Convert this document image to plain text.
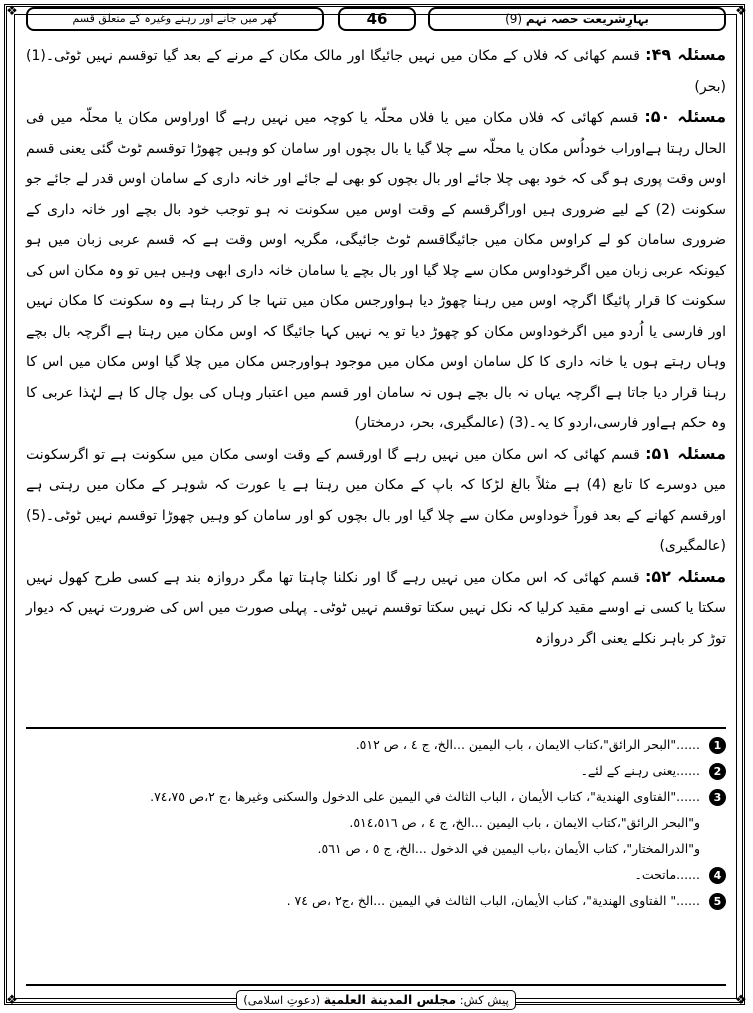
❖	❖
❖	❖
بہارِشریعت حصہ نہم (9)
46
گھر میں جانے اور رہنے وغیرہ کے متعلق قسم

مسئلہ ۴۹: قسم کھائی کہ فلاں کے مکان میں نہیں جائیگا اور مالک مکان کے مرنے کے بعد گیا توقسم نہیں ٹوٹی۔(1) (بحر)

مسئلہ ۵۰: قسم کھائی کہ فلاں مکان میں یا فلاں محلّہ یا کوچہ میں نہیں رہے گا اوراوس مکان یا محلّہ میں فی الحال رہتا ہےاوراب خوداُس مکان یا محلّہ سے چلا گیا یا بال بچوں اور سامان کو وہیں چھوڑا توقسم ٹوٹ گئی یعنی قسم اوس وقت پوری ہو گی کہ خود بھی چلا جائے اور بال بچوں کو بھی لے جائے اور خانہ داری کے سامان اوس قدر لے جائے جو سکونت (2) کے لیے ضروری ہیں اوراگرقسم کے وقت اوس میں سکونت نہ ہو توجب خود بال بچے اور خانہ داری کے ضروری سامان کو لے کراوس مکان میں جائیگاقسم ٹوٹ جائیگی، مگریہ اوس وقت ہے کہ قسم عربی زبان میں ہو کیونکہ عربی زبان میں اگرخوداوس مکان سے چلا گیا اور بال بچے یا سامان خانہ داری ابھی وہیں ہیں تو وہ مکان اس کی سکونت کا قرار پائیگا اگرچہ اوس میں رہنا چھوڑ دیا ہواورجس مکان میں تنہا جا کر رہتا ہے وہ سکونت کا مکان نہیں اور فارسی یا اُردو میں اگرخوداوس مکان کو چھوڑ دیا تو یہ نہیں کہا جائیگا کہ اوس مکان میں رہتا ہے اگرچہ بال بچے وہاں رہتے ہوں یا خانہ داری کا کل سامان اوس مکان میں موجود ہواورجس مکان میں چلا گیا اوس مکان میں اس کا رہنا قرار دیا جاتا ہے اگرچہ یہاں نہ بال بچے ہوں نہ سامان اور قسم میں اعتبار وہاں کی بول چال کا ہے لہٰذا عربی کا وہ حکم ہےاور فارسی،اردو کا یہ۔(3) (عالمگیری، بحر، درمختار)

مسئلہ ۵۱: قسم کھائی کہ اس مکان میں نہیں رہے گا اورقسم کے وقت اوسی مکان میں سکونت ہے تو اگرسکونت میں دوسرے کا تابع (4) ہے مثلاً بالغ لڑکا کہ باپ کے مکان میں رہتا ہے یا عورت کہ شوہر کے مکان میں رہتی ہے اورقسم کھانے کے بعد فوراً خوداوس مکان سے چلا گیا اور بال بچوں کو اور سامان کو وہیں چھوڑا توقسم نہیں ٹوٹی۔(5) (عالمگیری)

مسئلہ ۵۲: قسم کھائی کہ اس مکان میں نہیں رہے گا اور نکلنا چاہتا تھا مگر دروازہ بند ہے کسی طرح کھول نہیں سکتا یا کسی نے اوسے مقید کرلیا کہ نکل نہیں سکتا توقسم نہیں ٹوٹی۔ پہلی صورت میں اس کی ضرورت نہیں کہ دیوار توڑ کر باہر نکلے یعنی اگر دروازہ

1
......"البحر الرائق"،كتاب الايمان ، باب اليمين ...الخ، ج ٤ ، ص ٥١٢.
2
......یعنی رہنے کے لئے۔
3
......"الفتاوى الهندية"، كتاب الأيمان ، الباب الثالث في اليمين على الدخول والسكنى وغيرها ،ج ٢،ص ٧٤،٧٥.
و"البحر الرائق"،كتاب الايمان ، باب اليمين ...الخ، ج ٤ ، ص ٥١٤،٥١٦.
و"الدرالمختار"، كتاب الأيمان ،باب اليمين في الدخول ...الخ، ج ٥ ، ص ٥٦١.
4
......ماتحت۔
5
......" الفتاوى الهندية"، كتاب الأيمان، الباب الثالث في اليمين ...الخ ،ج٢ ،ص ٧٤ .
پیش کش: مجلس المدينة العلمية (دعوتِ اسلامی)
